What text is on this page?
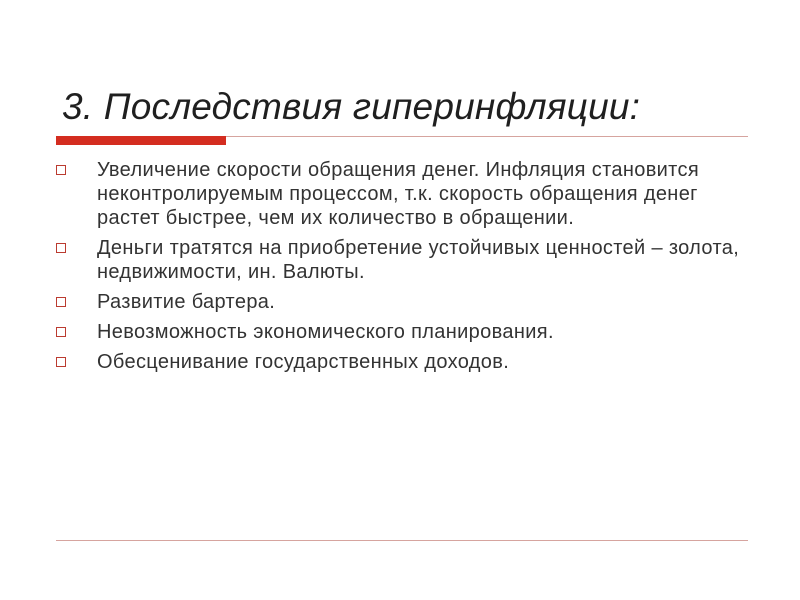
3. Последствия гиперинфляции:
Увеличение скорости обращения денег. Инфляция становится неконтролируемым процессом, т.к. скорость обращения денег растет быстрее, чем их количество в обращении.
Деньги тратятся на приобретение устойчивых ценностей – золота, недвижимости, ин. Валюты.
Развитие бартера.
Невозможность экономического планирования.
Обесценивание государственных доходов.
